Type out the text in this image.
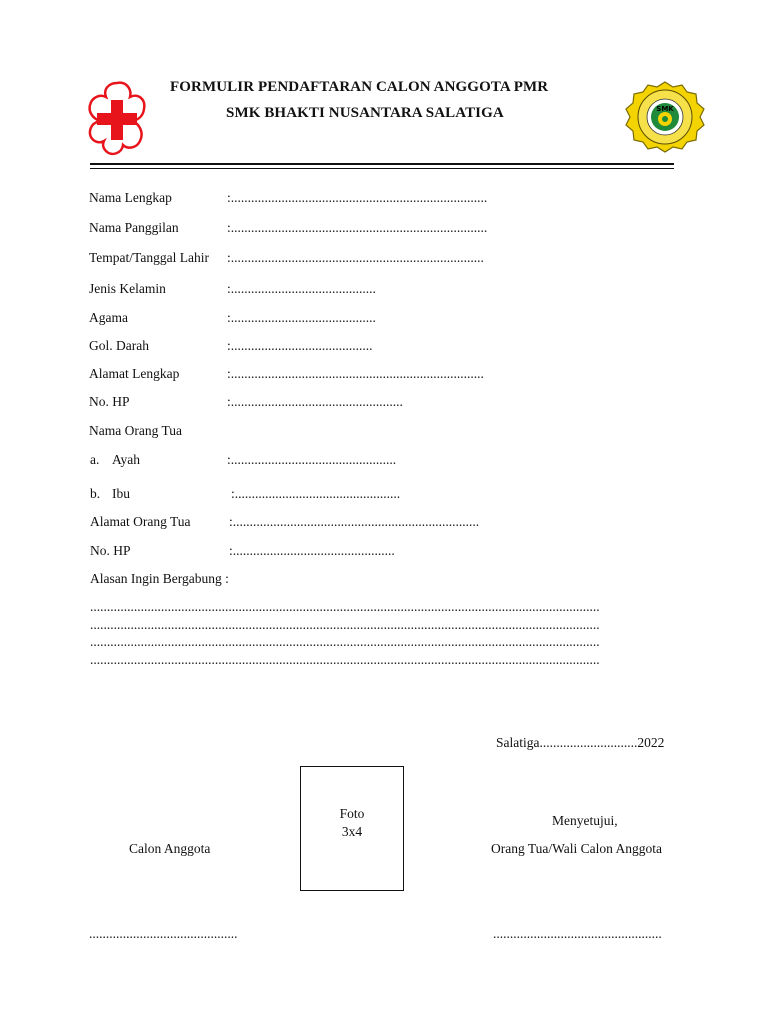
FORMULIR PENDAFTARAN CALON ANGGOTA PMR
SMK BHAKTI NUSANTARA SALATIGA	SMK
Nama Lengkap	:............................................................................
Nama Panggilan	:............................................................................
Tempat/Tanggal Lahir :...........................................................................
Jenis Kelamin	:...........................................
Agama	:...........................................
Gol. Darah	:..........................................
Alamat Lengkap	:...........................................................................
No. HP	:...................................................
Nama Orang Tua
a. Ayah	:.................................................
b. Ibu	:.................................................
Alamat Orang Tua	:.........................................................................
No. HP	:................................................
Alasan Ingin Bergabung :
.......................................................................................................................................................
.......................................................................................................................................................
.......................................................................................................................................................
.......................................................................................................................................................
Salatiga.............................2022
Foto
3x4
Menyetujui,
Calon Anggota	Orang Tua/Wali Calon Anggota
............................................	..................................................
